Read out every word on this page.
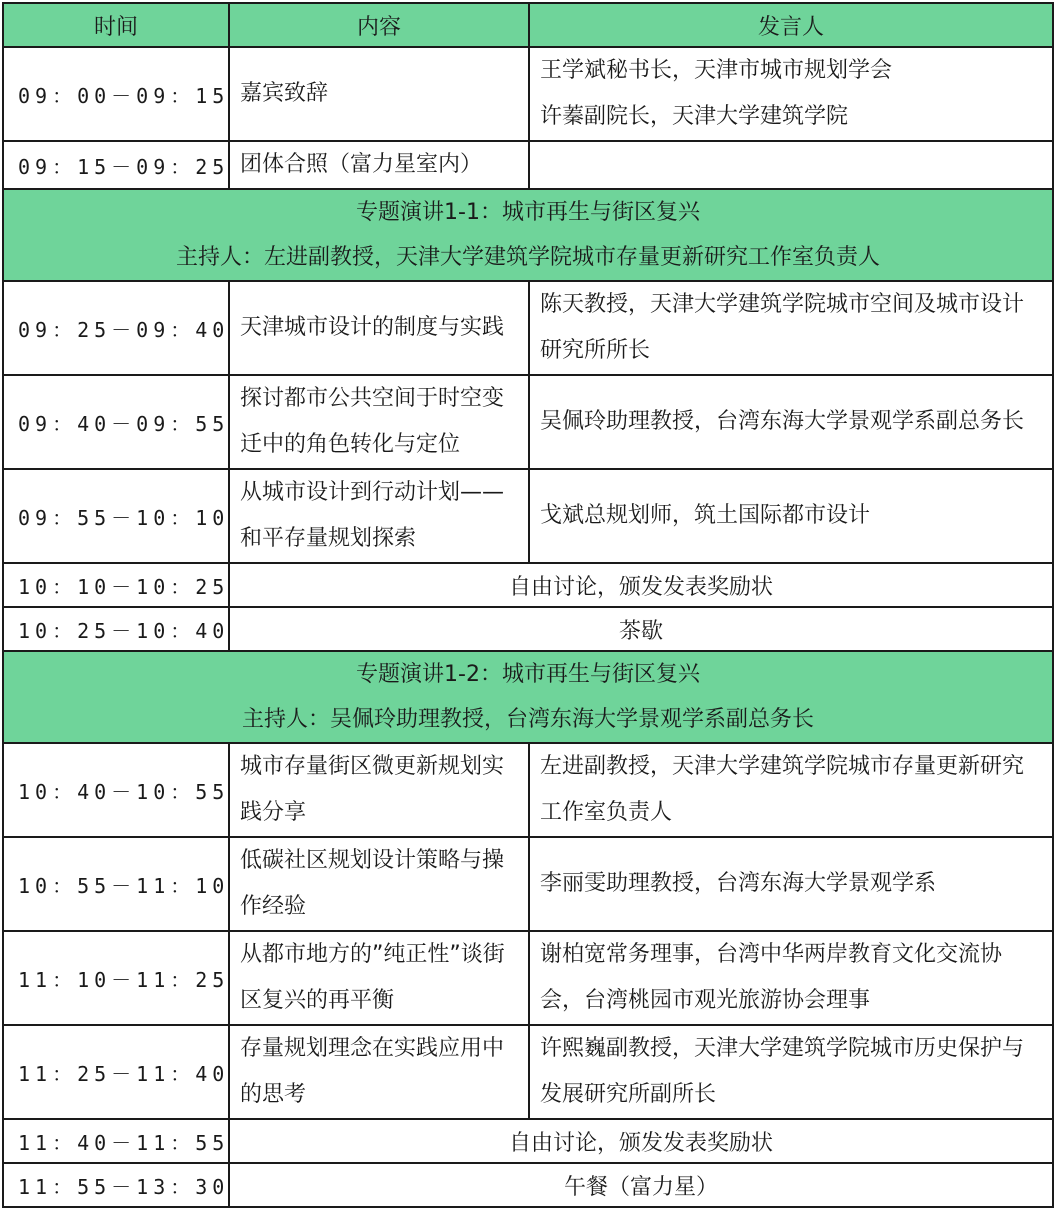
时间	内容	发言人
09：00－09：15	嘉宾致辞	王学斌秘书长，天津市城市规划学会
许蓁副院长，天津大学建筑学院
09：15－09：25	团体合照（富力星室内）	

专题演讲1-1：城市再生与街区复兴
主持人：左进副教授，天津大学建筑学院城市存量更新研究工作室负责人		

09：25－09：40	天津城市设计的制度与实践	陈天教授，天津大学建筑学院城市空间及城市设计研究所所长
09：40－09：55	探讨都市公共空间于时空变迁中的角色转化与定位	吴佩玲助理教授，台湾东海大学景观学系副总务长
09：55－10：10	从城市设计到行动计划——和平存量规划探索	戈斌总规划师，筑土国际都市设计
10：10－10：25	自由讨论，颁发发表奖励状	
10：25－10：40	茶歇	

专题演讲1-2：城市再生与街区复兴
主持人：吴佩玲助理教授，台湾东海大学景观学系副总务长		

10：40－10：55	城市存量街区微更新规划实践分享	左进副教授，天津大学建筑学院城市存量更新研究工作室负责人
10：55－11：10	低碳社区规划设计策略与操作经验	李丽雯助理教授，台湾东海大学景观学系
11：10－11：25	从都市地方的”纯正性”谈街区复兴的再平衡	谢柏宽常务理事，台湾中华两岸教育文化交流协会，台湾桃园市观光旅游协会理事
11：25－11：40	存量规划理念在实践应用中的思考	许熙巍副教授，天津大学建筑学院城市历史保护与发展研究所副所长
11：40－11：55	自由讨论，颁发发表奖励状	
11：55－13：30	午餐（富力星）	
